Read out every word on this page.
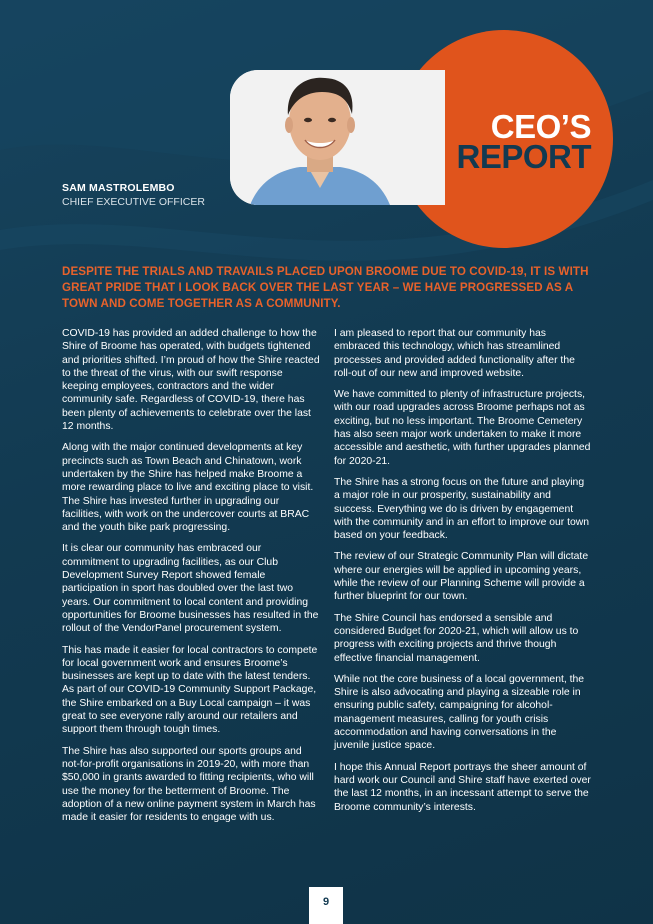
CEO’S
REPORT
SAM MASTROLEMBO
CHIEF EXECUTIVE OFFICER
DESPITE THE TRIALS AND TRAVAILS PLACED UPON BROOME DUE TO COVID-19, IT IS WITH GREAT PRIDE THAT I LOOK BACK OVER THE LAST YEAR – WE HAVE PROGRESSED AS A TOWN AND COME TOGETHER AS A COMMUNITY.

COVID-19 has provided an added challenge to how the Shire of Broome has operated, with budgets tightened and priorities shifted. I’m proud of how the Shire reacted to the threat of the virus, with our swift response keeping employees, contractors and the wider community safe. Regardless of COVID-19, there has been plenty of achievements to celebrate over the last 12 months.

Along with the major continued developments at key precincts such as Town Beach and Chinatown, work undertaken by the Shire has helped make Broome a more rewarding place to live and exciting place to visit. The Shire has invested further in upgrading our facilities, with work on the undercover courts at BRAC and the youth bike park progressing.

It is clear our community has embraced our commitment to upgrading facilities, as our Club Development Survey Report showed female participation in sport has doubled over the last two years. Our commitment to local content and providing opportunities for Broome businesses has resulted in the rollout of the VendorPanel procurement system.

This has made it easier for local contractors to compete for local government work and ensures Broome’s businesses are kept up to date with the latest tenders. As part of our COVID-19 Community Support Package, the Shire embarked on a Buy Local campaign – it was great to see everyone rally around our retailers and support them through tough times.

The Shire has also supported our sports groups and not-for-profit organisations in 2019-20, with more than $50,000 in grants awarded to fitting recipients, who will use the money for the betterment of Broome. The adoption of a new online payment system in March has made it easier for residents to engage with us.

I am pleased to report that our community has embraced this technology, which has streamlined processes and provided added functionality after the roll-out of our new and improved website.

We have committed to plenty of infrastructure projects, with our road upgrades across Broome perhaps not as exciting, but no less important. The Broome Cemetery has also seen major work undertaken to make it more accessible and aesthetic, with further upgrades planned for 2020-21.

The Shire has a strong focus on the future and playing a major role in our prosperity, sustainability and success. Everything we do is driven by engagement with the community and in an effort to improve our town based on your feedback.

The review of our Strategic Community Plan will dictate where our energies will be applied in upcoming years, while the review of our Planning Scheme will provide a further blueprint for our town.

The Shire Council has endorsed a sensible and considered Budget for 2020-21, which will allow us to progress with exciting projects and thrive though effective financial management.

While not the core business of a local government, the Shire is also advocating and playing a sizeable role in ensuring public safety, campaigning for alcohol-management measures, calling for youth crisis accommodation and having conversations in the juvenile justice space.

I hope this Annual Report portrays the sheer amount of hard work our Council and Shire staff have exerted over the last 12 months, in an incessant attempt to serve the Broome community’s interests.

9
